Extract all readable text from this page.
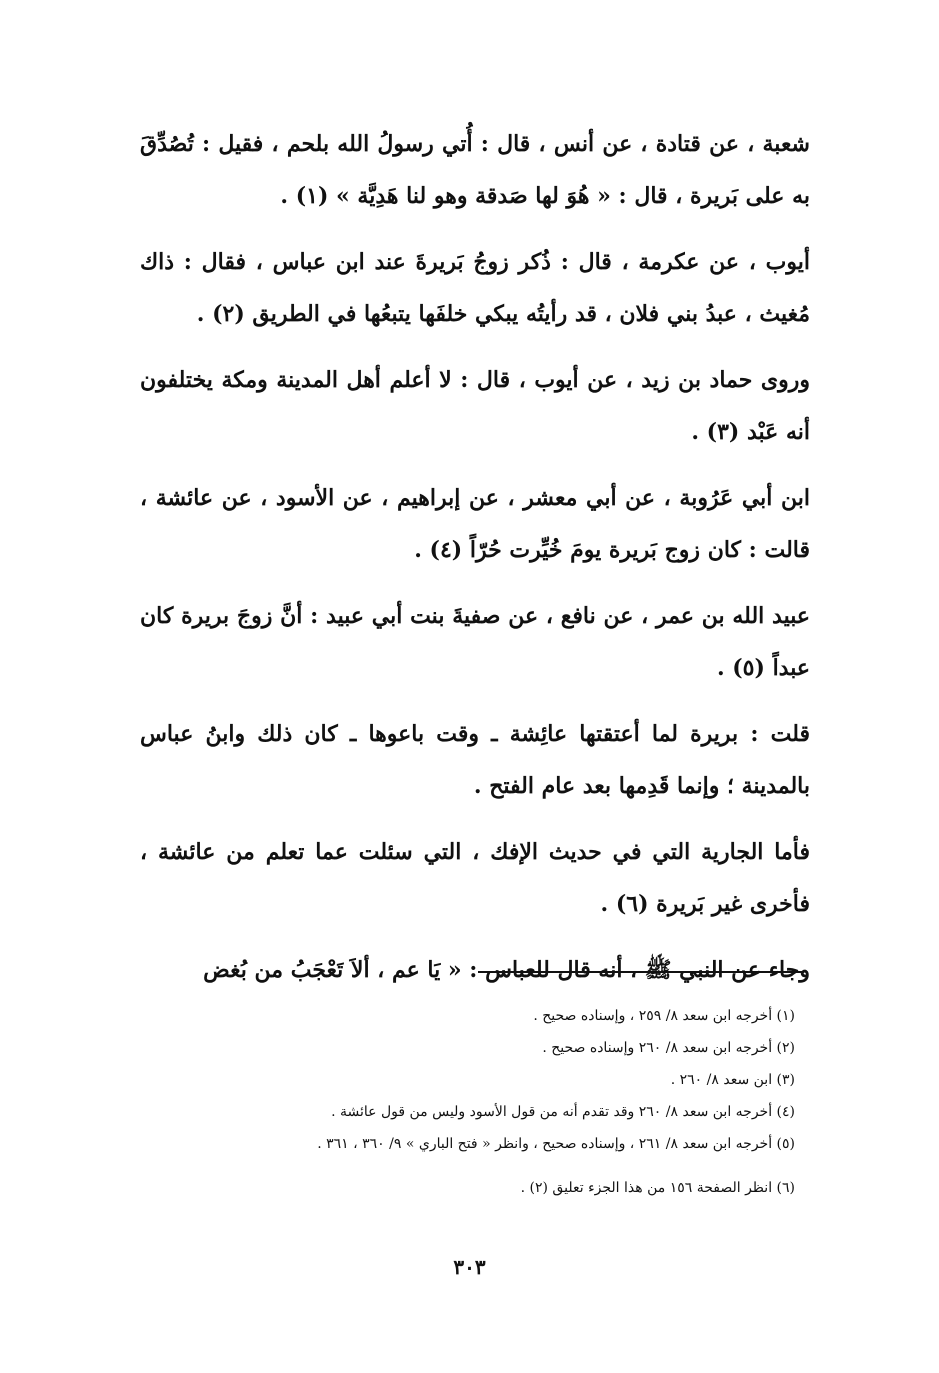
شعبة ، عن قتادة ، عن أنس ، قال : أُتي رسولُ الله بلحم ، فقيل : تُصُدِّقَ به على بَريرة ، قال : « هُوَ لها صَدقة وهو لنا هَدِيَّة » (١) .

أيوب ، عن عكرمة ، قال : ذُكر زوجُ بَريرةَ عند ابن عباس ، فقال : ذاك مُغيث ، عبدُ بني فلان ، قد رأيتُه يبكي خلفَها يتبعُها في الطريق (٢) .

وروى حماد بن زيد ، عن أيوب ، قال : لا أعلم أهل المدينة ومكة يختلفون أنه عَبْد (٣) .

ابن أبي عَرُوبة ، عن أبي معشر ، عن إبراهيم ، عن الأسود ، عن عائشة ، قالت : كان زوج بَريرة يومَ خُيِّرت حُرّاً (٤) .

عبيد الله بن عمر ، عن نافع ، عن صفيةَ بنت أبي عبيد : أنَّ زوجَ بريرة كان عبداً (٥) .

قلت : بريرة لما أعتقتها عائِشة ـ وقت باعوها ـ كان ذلك وابنُ عباس بالمدينة ؛ وإنما قَدِمها بعد عام الفتح .

فأما الجارية التي في حديث الإفك ، التي سئلت عما تعلم من عائشة ، فأخرى غير بَريرة (٦) .

وجاء عن النبي ﷺ ، أنه قال للعباس : « يَا عم ، ألاَ تَعْجَبُ من بُغض

(١) أخرجه ابن سعد ٨/ ٢٥٩ ، وإسناده صحيح .

(٢) أخرجه ابن سعد ٨/ ٢٦٠ وإسناده صحيح .

(٣) ابن سعد ٨/ ٢٦٠ .

(٤) أخرجه ابن سعد ٨/ ٢٦٠ وقد تقدم أنه من قول الأسود وليس من قول عائشة .

(٥) أخرجه ابن سعد ٨/ ٢٦١ ، وإسناده صحيح ، وانظر « فتح الباري » ٩/ ٣٦٠ ، ٣٦١ .

(٦) انظر الصفحة ١٥٦ من هذا الجزء تعليق (٢) .

٣٠٣
